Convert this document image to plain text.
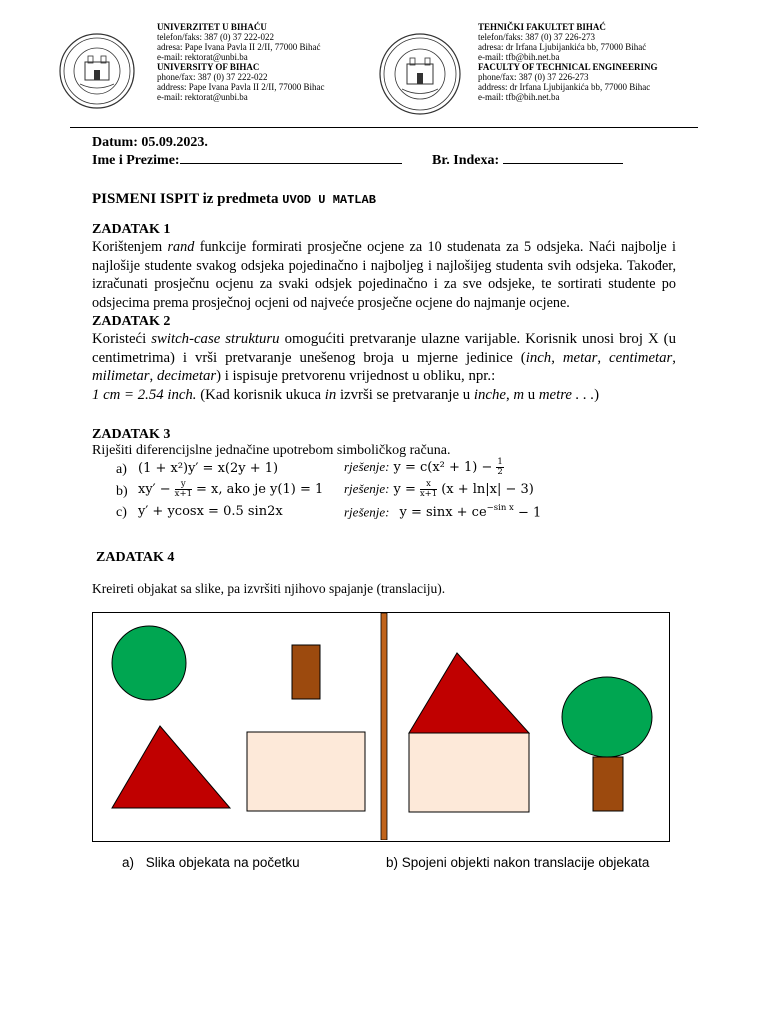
UNIVERZITET U BIHAĆU
telefon/faks: 387 (0) 37 222-022
adresa: Pape Ivana Pavla II 2/II, 77000 Bihać
e-mail: rektorat@unbi.ba
UNIVERSITY OF BIHAC
phone/fax: 387 (0) 37 222-022
address: Pape Ivana Pavla II 2/II, 77000 Bihac
e-mail: rektorat@unbi.ba
TEHNIČKI FAKULTET BIHAĆ
telefon/faks: 387 (0) 37 226-273
adresa: dr Irfana Ljubijankića bb, 77000 Bihać
e-mail: tfb@bih.net.ba
FACULTY OF TECHNICAL ENGINEERING
phone/fax: 387 (0) 37 226-273
address: dr Irfana Ljubijankića bb, 77000 Bihac
e-mail: tfb@bih.net.ba
Datum: 05.09.2023.
Ime i Prezime:	Br. Indexa:
PISMENI ISPIT iz predmeta UVOD U MATLAB
ZADATAK 1
Korištenjem rand funkcije formirati prosječne ocjene za 10 studenata za 5 odsjeka. Naći najbolje i najlošije studente svakog odsjeka pojedinačno i najboljeg i najlošijeg studenta svih odsjeka. Također, izračunati prosječnu ocjenu za svaki odsjek pojedinačno i za sve odsjeke, te sortirati studente po odsjecima prema prosječnoj ocjeni od najveće prosječne ocjene do najmanje ocjene.
ZADATAK 2
Koristeći switch-case strukturu omogućiti pretvaranje ulazne varijable. Korisnik unosi broj X (u centimetrima) i vrši pretvaranje unešenog broja u mjerne jedinice (inch, metar, centimetar, milimetar, decimetar) i ispisuje pretvorenu vrijednost u obliku, npr.:
1 cm = 2.54 inch. (Kad korisnik ukuca in izvrši se pretvaranje u inche, m u metre . . .)
ZADATAK 3
Riješiti diferencijslne jednačine upotrebom simboličkog računa.
a) (1 + x²)y′ = x(2y + 1)	rješenje: $y = c(x^2 + 1) - \frac{1}{2}$
b) $xy' - \frac{y}{x+1} = x$, ako je y(1) = 1 rješenje: $y = \frac{x}{x+1} (x + \ln|x| - 3)$
c) y′ + ycosx = 0.5 sin2x	rješenje: $y = \sin x + ce^{-sin x} - 1$
ZADATAK 4
Kreireti objakat sa slike, pa izvršiti njihovo spajanje (translaciju).
a) Slika objekata na početku	b) Spojeni objekti nakon translacije objekata
